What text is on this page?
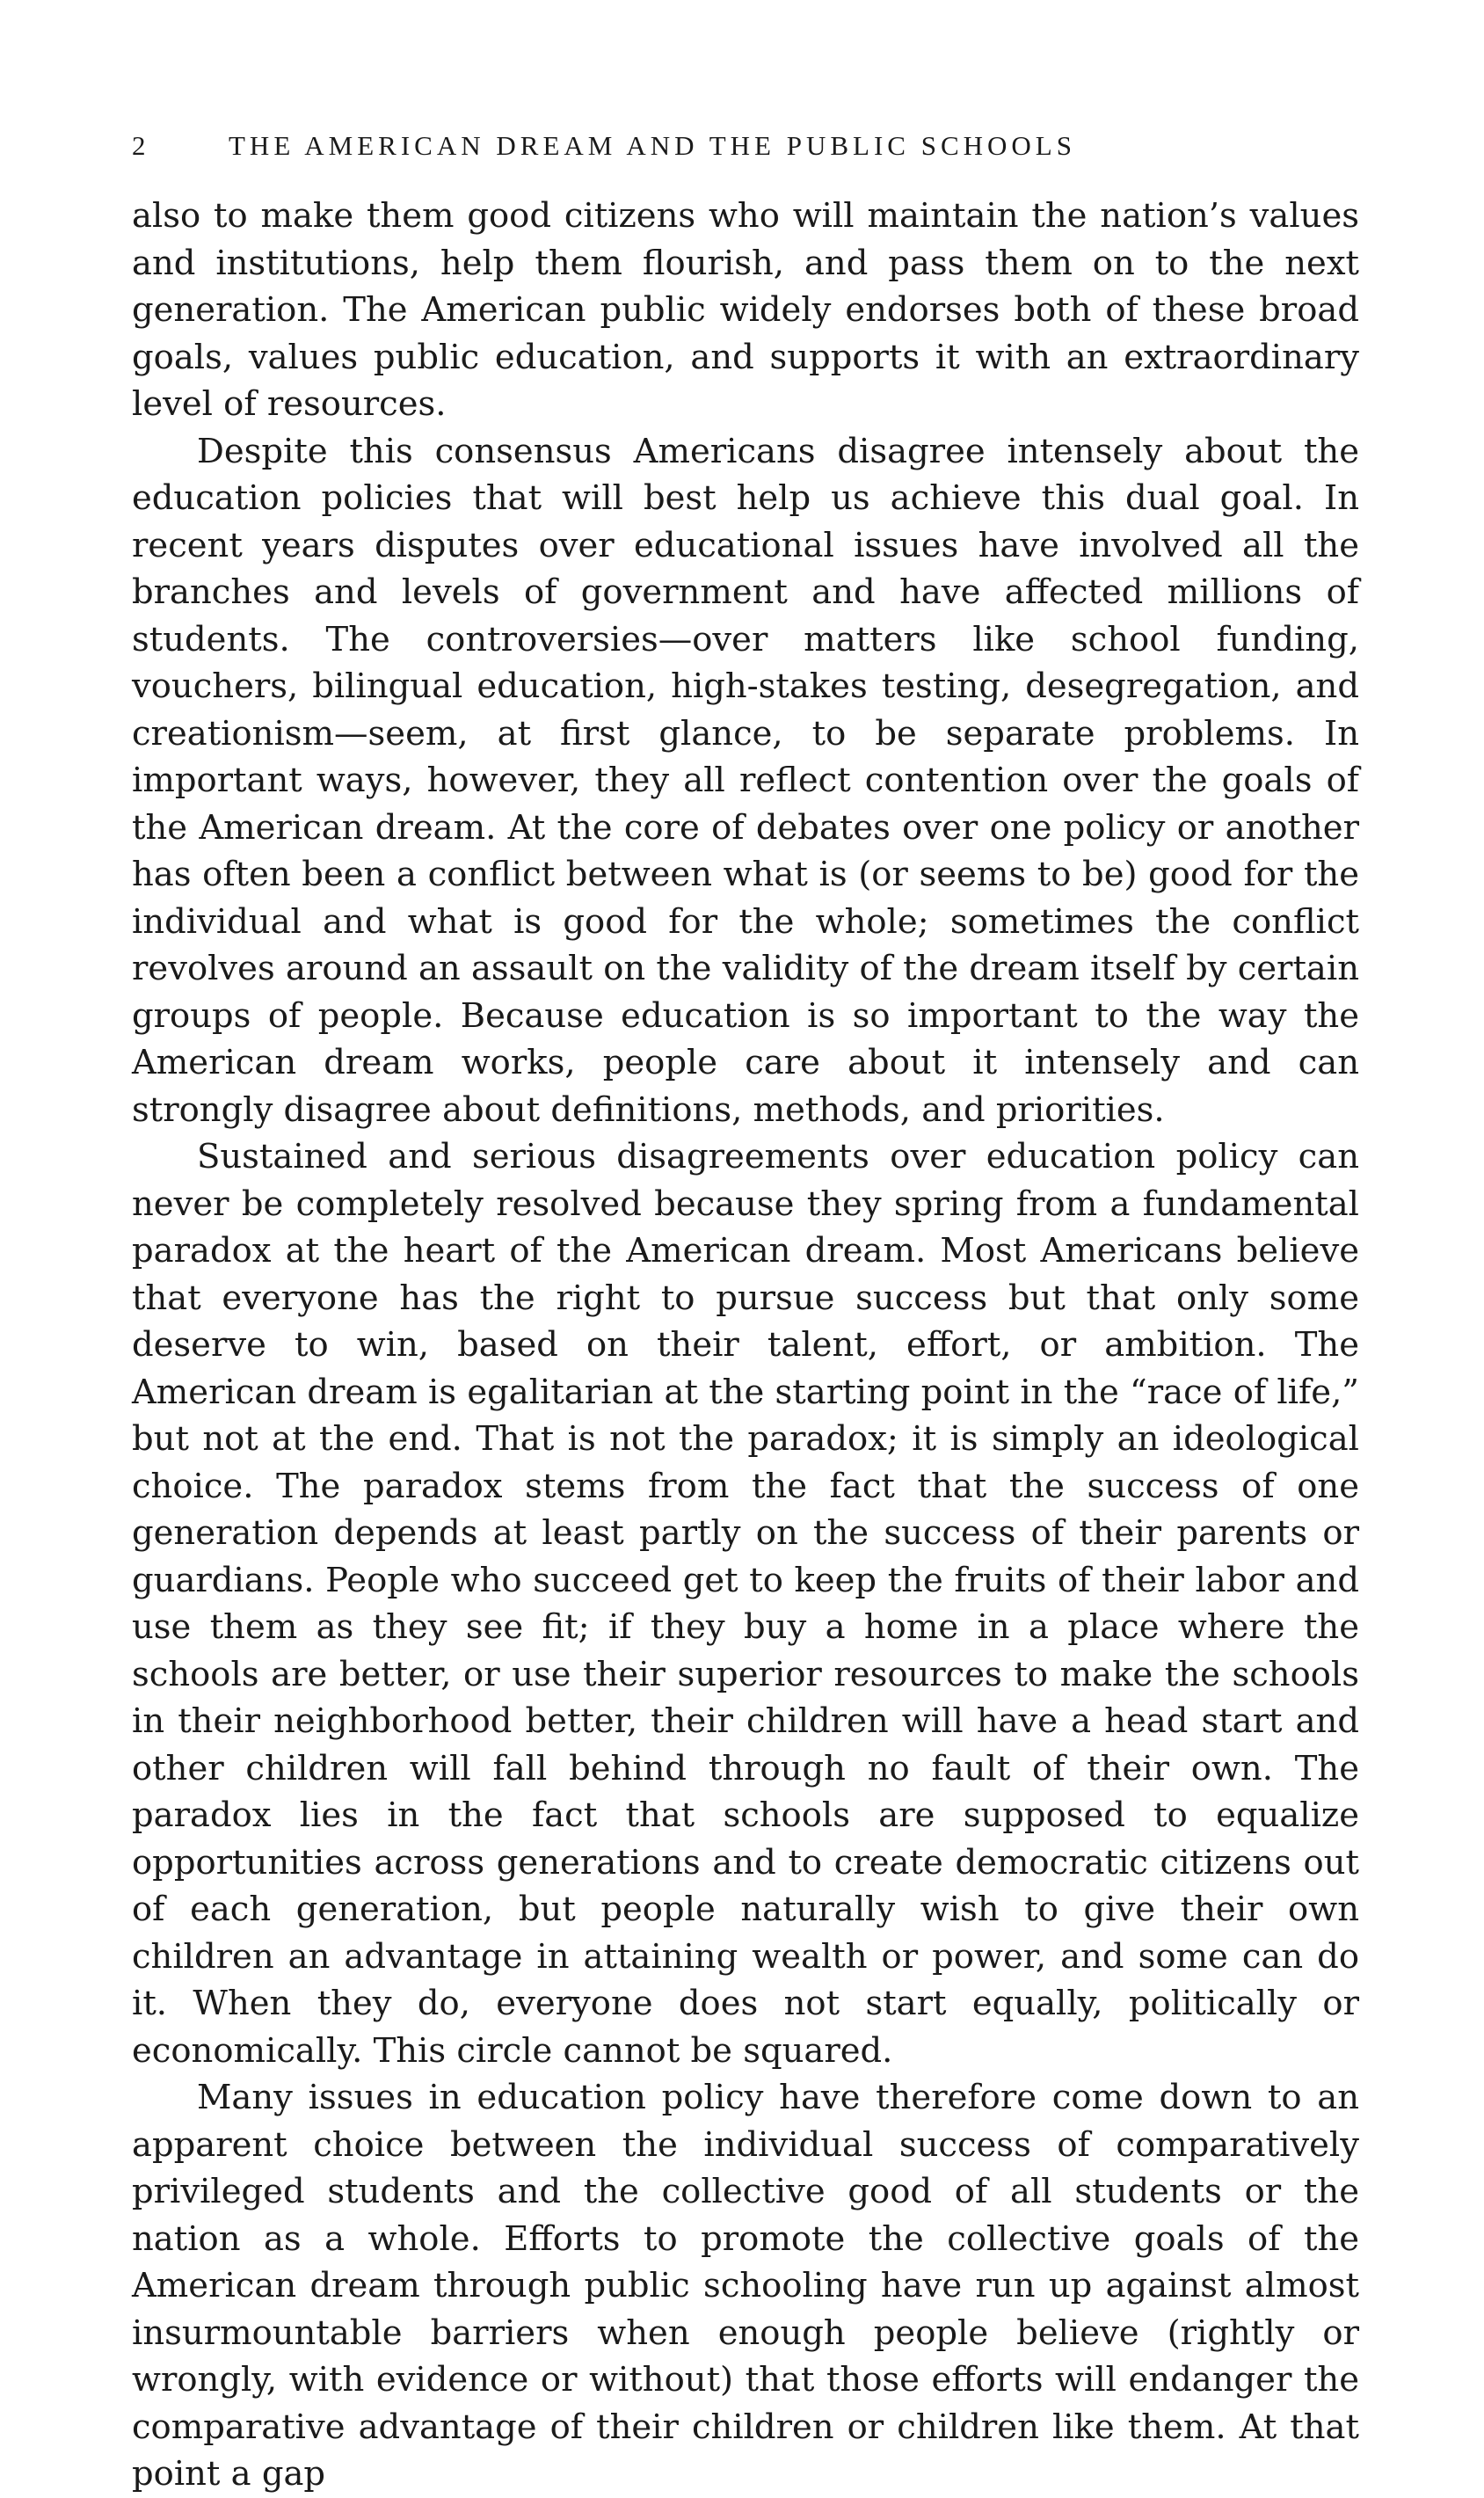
2	THE AMERICAN DREAM AND THE PUBLIC SCHOOLS

also to make them good citizens who will maintain the nation’s values and institutions, help them flourish, and pass them on to the next generation. The American public widely endorses both of these broad goals, values public education, and supports it with an extraordinary level of resources.

Despite this consensus Americans disagree intensely about the education policies that will best help us achieve this dual goal. In recent years disputes over educational issues have involved all the branches and levels of government and have affected millions of students. The controversies—over matters like school funding, vouchers, bilingual education, high-stakes testing, desegregation, and creationism—seem, at first glance, to be separate problems. In important ways, however, they all reflect contention over the goals of the American dream. At the core of debates over one policy or another has often been a conflict between what is (or seems to be) good for the individual and what is good for the whole; sometimes the conflict revolves around an assault on the validity of the dream itself by certain groups of people. Because education is so important to the way the American dream works, people care about it intensely and can strongly disagree about definitions, methods, and priorities.

Sustained and serious disagreements over education policy can never be completely resolved because they spring from a fundamental paradox at the heart of the American dream. Most Americans believe that everyone has the right to pursue success but that only some deserve to win, based on their talent, effort, or ambition. The American dream is egalitarian at the starting point in the “race of life,” but not at the end. That is not the paradox; it is simply an ideological choice. The paradox stems from the fact that the success of one generation depends at least partly on the success of their parents or guardians. People who succeed get to keep the fruits of their labor and use them as they see fit; if they buy a home in a place where the schools are better, or use their superior resources to make the schools in their neighborhood better, their children will have a head start and other children will fall behind through no fault of their own. The paradox lies in the fact that schools are supposed to equalize opportunities across generations and to create democratic citizens out of each generation, but people naturally wish to give their own children an advantage in attaining wealth or power, and some can do it. When they do, everyone does not start equally, politically or economically. This circle cannot be squared.

Many issues in education policy have therefore come down to an apparent choice between the individual success of comparatively privileged students and the collective good of all students or the nation as a whole. Efforts to promote the collective goals of the American dream through public schooling have run up against almost insurmountable barriers when enough people believe (rightly or wrongly, with evidence or without) that those efforts will endanger the comparative advantage of their children or children like them. At that point a gap
